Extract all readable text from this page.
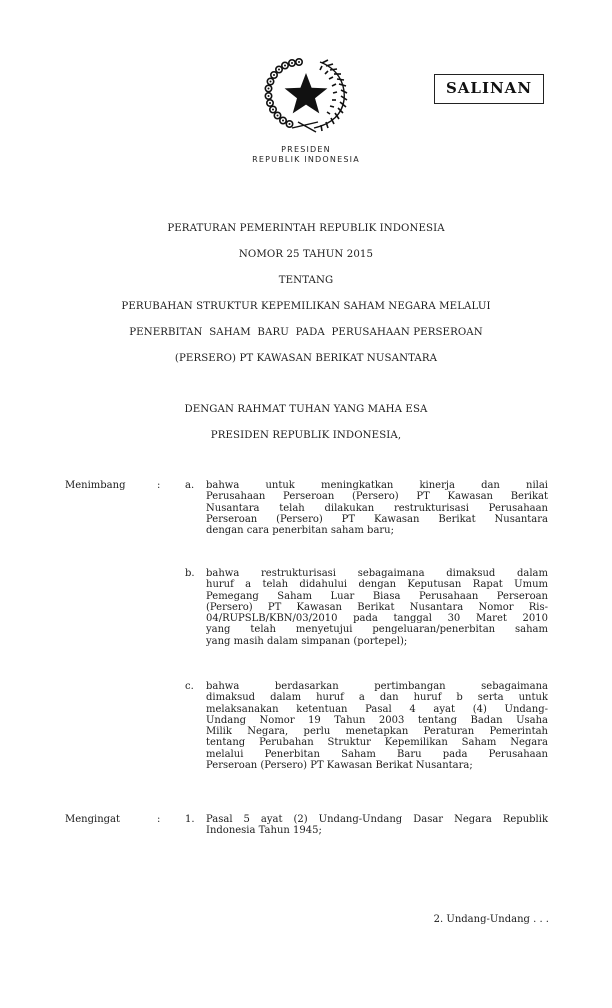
PRESIDEN
REPUBLIK INDONESIA
SALINAN
PERATURAN PEMERINTAH REPUBLIK INDONESIA
NOMOR 25 TAHUN 2015
TENTANG
PERUBAHAN STRUKTUR KEPEMILIKAN SAHAM NEGARA MELALUI
PENERBITAN  SAHAM  BARU  PADA  PERUSAHAAN PERSEROAN
(PERSERO) PT KAWASAN BERIKAT NUSANTARA
DENGAN RAHMAT TUHAN YANG MAHA ESA
PRESIDEN REPUBLIK INDONESIA,
Menimbang	: a. bahwa untuk meningkatkan kinerja dan nilai
Perusahaan Perseroan (Persero) PT Kawasan Berikat
Nusantara telah dilakukan restrukturisasi Perusahaan
Perseroan (Persero) PT Kawasan Berikat Nusantara
dengan cara penerbitan saham baru;
b. bahwa restrukturisasi sebagaimana dimaksud dalam
huruf a telah didahului dengan Keputusan Rapat Umum
Pemegang Saham Luar Biasa Perusahaan Perseroan
(Persero) PT Kawasan Berikat Nusantara Nomor Ris-
04/RUPSLB/KBN/03/2010 pada tanggal 30 Maret 2010
yang telah menyetujui pengeluaran/penerbitan saham
yang masih dalam simpanan (portepel);
c. bahwa berdasarkan pertimbangan sebagaimana
dimaksud dalam huruf a dan huruf b serta untuk
melaksanakan ketentuan Pasal 4 ayat (4) Undang-
Undang Nomor 19 Tahun 2003 tentang Badan Usaha
Milik Negara, perlu menetapkan Peraturan Pemerintah
tentang Perubahan Struktur Kepemilikan Saham Negara
melalui Penerbitan Saham Baru pada Perusahaan
Perseroan (Persero) PT Kawasan Berikat Nusantara;
Mengingat	: 1. Pasal 5 ayat (2) Undang-Undang Dasar Negara Republik
Indonesia Tahun 1945;
2. Undang-Undang . . .
